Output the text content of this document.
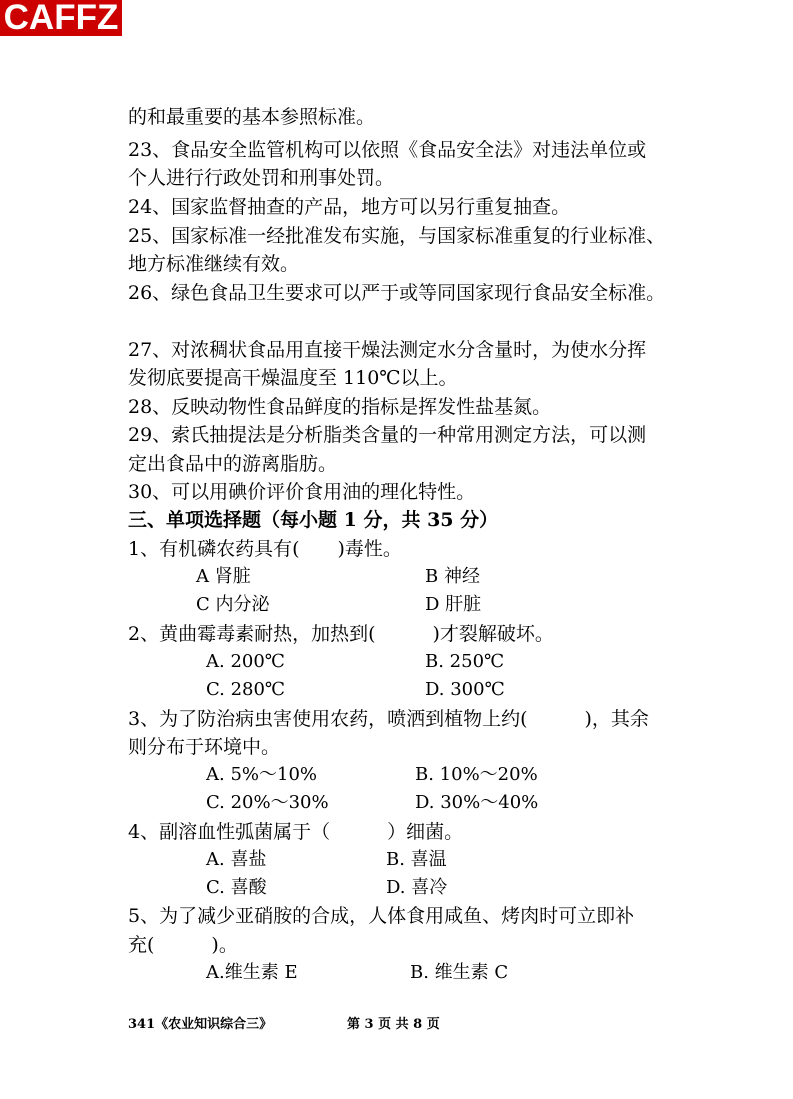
CAFFZ
的和最重要的基本参照标准。
23、食品安全监管机构可以依照《食品安全法》对违法单位或
个人进行行政处罚和刑事处罚。
24、国家监督抽查的产品，地方可以另行重复抽查。
25、国家标准一经批准发布实施，与国家标准重复的行业标准、
地方标准继续有效。
26、绿色食品卫生要求可以严于或等同国家现行食品安全标准。
27、对浓稠状食品用直接干燥法测定水分含量时，为使水分挥
发彻底要提高干燥温度至 110℃以上。
28、反映动物性食品鲜度的指标是挥发性盐基氮。
29、索氏抽提法是分析脂类含量的一种常用测定方法，可以测
定出食品中的游离脂肪。
30、可以用碘价评价食用油的理化特性。
三、单项选择题（每小题 1 分，共 35 分）
1、有机磷农药具有(　　)毒性。
A 肾脏	B 神经
C 内分泌	D 肝脏
2、黄曲霉毒素耐热，加热到(　　　)才裂解破坏。
A. 200℃	B. 250℃
C. 280℃	D. 300℃
3、为了防治病虫害使用农药，喷洒到植物上约(　　　)，其余
则分布于环境中。
A. 5%～10%	B. 10%～20%
C. 20%～30%	D. 30%～40%
4、副溶血性弧菌属于（　　　）细菌。
A. 喜盐	B. 喜温
C. 喜酸	D. 喜冷
5、为了减少亚硝胺的合成，人体食用咸鱼、烤肉时可立即补
充(　　　)。
A.维生素 E	B. 维生素 C
341《农业知识综合三》	第 3 页 共 8 页
